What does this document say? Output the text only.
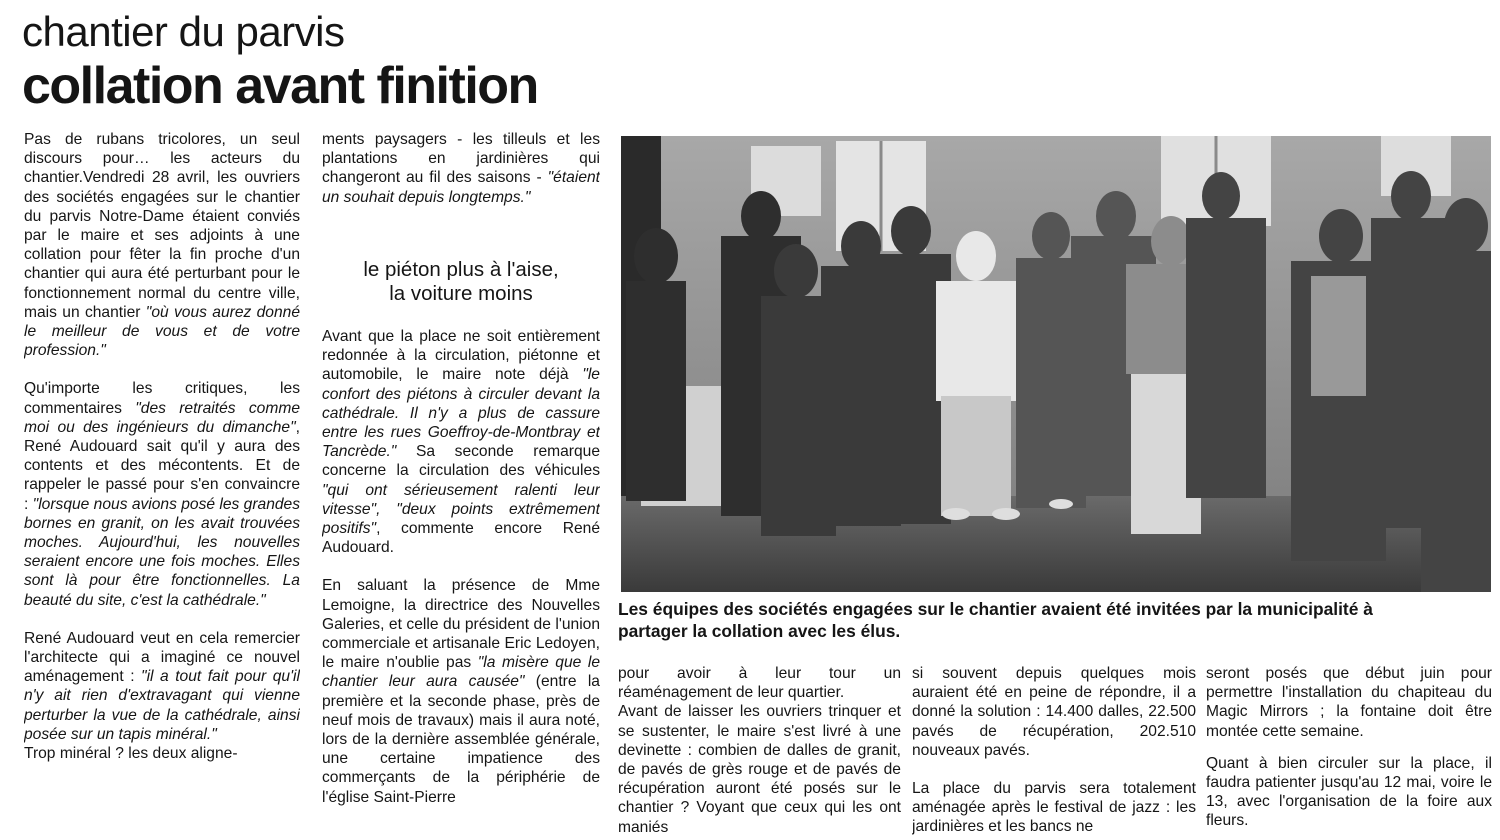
chantier du parvis
collation avant finition

Pas de rubans tricolores, un seul discours pour… les acteurs du chantier.Vendredi 28 avril, les ouvriers des sociétés engagées sur le chantier du parvis Notre-Dame étaient conviés par le maire et ses adjoints à une collation pour fêter la fin proche d'un chantier qui aura été perturbant pour le fonctionnement normal du centre ville, mais un chantier "où vous aurez donné le meilleur de vous et de votre profession."

Qu'importe les critiques, les commentaires "des retraités comme moi ou des ingénieurs du dimanche", René Audouard sait qu'il y aura des contents et des mécontents. Et de rappeler le passé pour s'en convaincre : "lorsque nous avions posé les grandes bornes en granit, on les avait trouvées moches. Aujourd'hui, les nouvelles seraient encore une fois moches. Elles sont là pour être fonctionnelles. La beauté du site, c'est la cathédrale."

René Audouard veut en cela remercier l'architecte qui a imaginé ce nouvel aménagement : "il a tout fait pour qu'il n'y ait rien d'extravagant qui vienne perturber la vue de la cathédrale, ainsi posée sur un tapis minéral."

Trop minéral ? les deux aligne-

ments paysagers - les tilleuls et les plantations en jardinières qui changeront au fil des saisons - "étaient un souhait depuis longtemps."

le piéton plus à l'aise,
la voiture moins

Avant que la place ne soit entièrement redonnée à la circulation, piétonne et automobile, le maire note déjà "le confort des piétons à circuler devant la cathédrale. Il n'y a plus de cassure entre les rues Goeffroy-de-Montbray et Tancrède." Sa seconde remarque concerne la circulation des véhicules "qui ont sérieusement ralenti leur vitesse", "deux points extrêmement positifs", commente encore René Audouard.

En saluant la présence de Mme Lemoigne, la directrice des Nouvelles Galeries, et celle du président de l'union commerciale et artisanale Eric Ledoyen, le maire n'oublie pas "la misère que le chantier leur aura causée" (entre la première et la seconde phase, près de neuf mois de travaux) mais il aura noté, lors de la dernière assemblée générale, une certaine impatience des commerçants de la périphérie de l'église Saint-Pierre

Les équipes des sociétés engagées sur le chantier avaient été invitées par la municipalité à
partager la collation avec les élus.

pour avoir à leur tour un réaménagement de leur quartier.

Avant de laisser les ouvriers trinquer et se sustenter, le maire s'est livré à une devinette : combien de dalles de granit, de pavés de grès rouge et de pavés de récupération auront été posés sur le chantier ? Voyant que ceux qui les ont maniés

si souvent depuis quelques mois auraient été en peine de répondre, il a donné la solution : 14.400 dalles, 22.500 pavés de récupération, 202.510 nouveaux pavés.

La place du parvis sera totalement aménagée après le festival de jazz : les jardinières et les bancs ne

seront posés que début juin pour permettre l'installation du chapiteau du Magic Mirrors ; la fontaine doit être montée cette semaine.

Quant à bien circuler sur la place, il faudra patienter jusqu'au 12 mai, voire le 13, avec l'organisation de la foire aux fleurs.
